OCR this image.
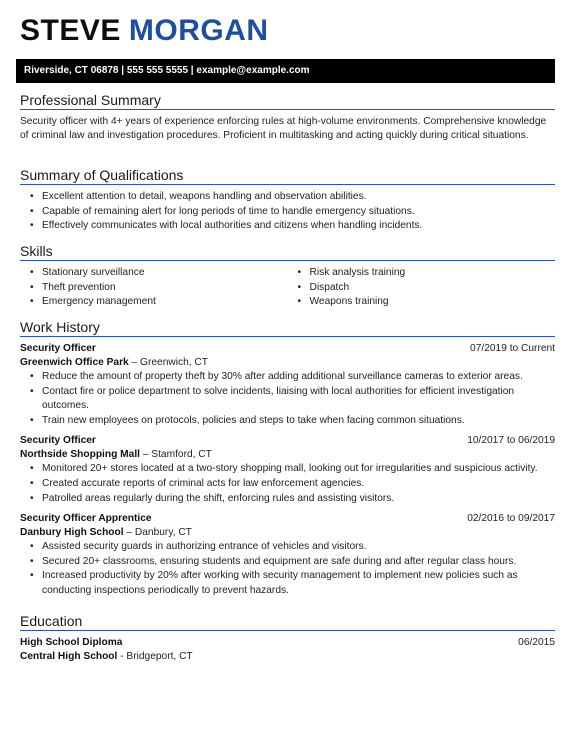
STEVE MORGAN
Riverside, CT 06878 | 555 555 5555 | example@example.com
Professional Summary
Security officer with 4+ years of experience enforcing rules at high-volume environments. Comprehensive knowledge of criminal law and investigation procedures. Proficient in multitasking and acting quickly during critical situations.
Summary of Qualifications
• Excellent attention to detail, weapons handling and observation abilities.
• Capable of remaining alert for long periods of time to handle emergency situations.
• Effectively communicates with local authorities and citizens when handling incidents.
Skills
• Stationary surveillance
• Theft prevention
• Emergency management
• Risk analysis training
• Dispatch
• Weapons training
Work History
Security Officer	07/2019 to Current
Greenwich Office Park – Greenwich, CT
• Reduce the amount of property theft by 30% after adding additional surveillance cameras to exterior areas.
• Contact fire or police department to solve incidents, liaising with local authorities for efficient investigation outcomes.
• Train new employees on protocols, policies and steps to take when facing common situations.
Security Officer	10/2017 to 06/2019
Northside Shopping Mall – Stamford, CT
• Monitored 20+ stores located at a two-story shopping mall, looking out for irregularities and suspicious activity.
• Created accurate reports of criminal acts for law enforcement agencies.
• Patrolled areas regularly during the shift, enforcing rules and assisting visitors.
Security Officer Apprentice	02/2016 to 09/2017
Danbury High School – Danbury, CT
• Assisted security guards in authorizing entrance of vehicles and visitors.
• Secured 20+ classrooms, ensuring students and equipment are safe during and after regular class hours.
• Increased productivity by 20% after working with security management to implement new policies such as conducting inspections periodically to prevent hazards.
Education
High School Diploma	06/2015
Central High School - Bridgeport, CT
